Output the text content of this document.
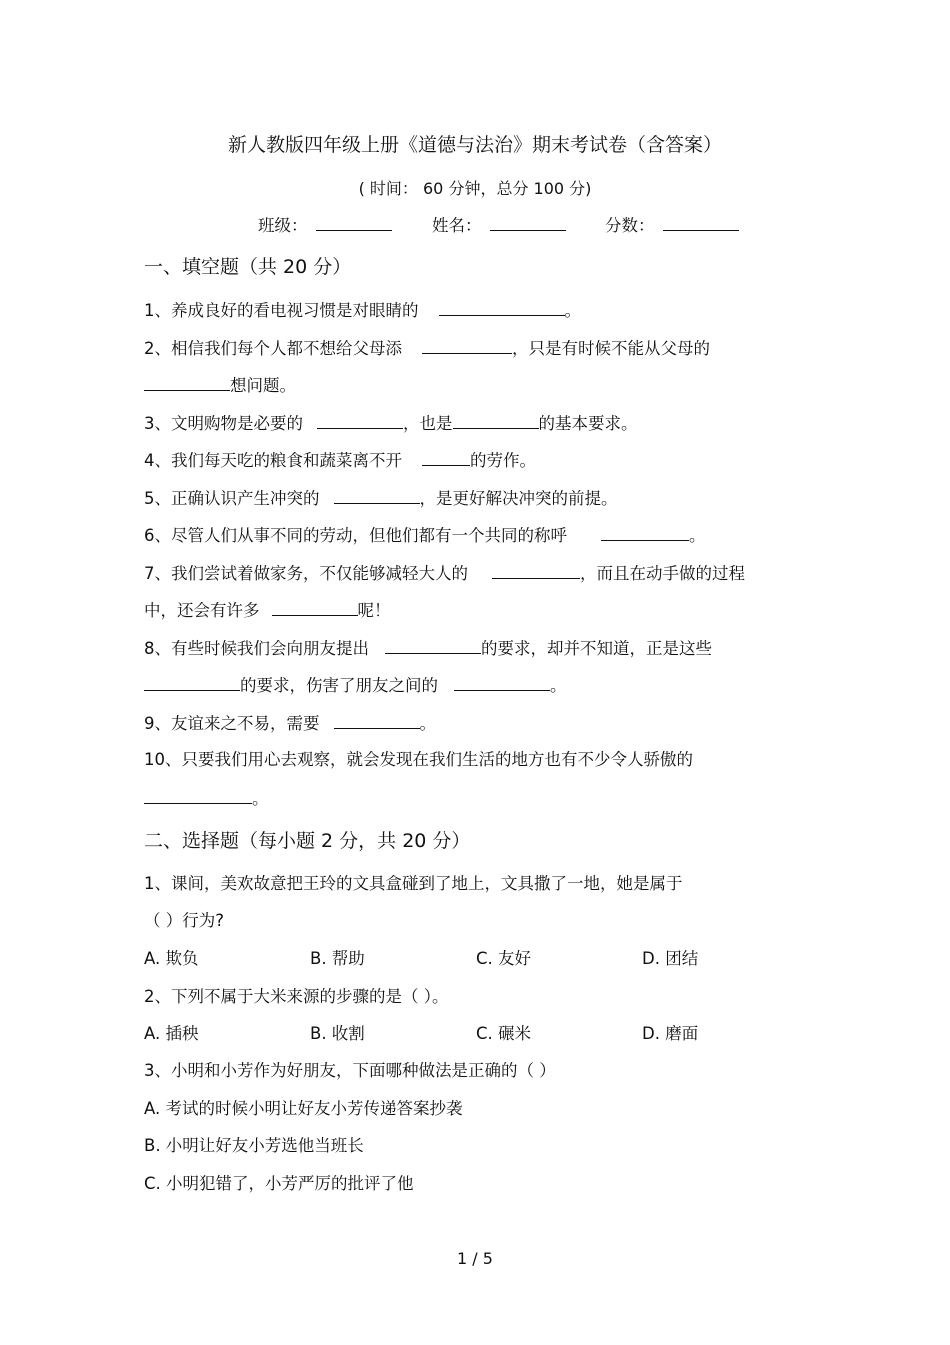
新人教版四年级上册《道德与法治》期末考试卷（含答案）
( 时间： 60 分钟，总分 100 分)
班级：	姓名：	分数：
一、填空题（共 20 分）
1、养成良好的看电视习惯是对眼睛的	。
2、相信我们每个人都不想给父母添	，只是有时候不能从父母的
想问题。
3、文明购物是必要的	，也是	的基本要求。
4、我们每天吃的粮食和蔬菜离不开	的劳作。
5、正确认识产生冲突的	，是更好解决冲突的前提。
6、尽管人们从事不同的劳动，但他们都有一个共同的称呼	。
7、我们尝试着做家务，不仅能够减轻大人的	，而且在动手做的过程
中，还会有许多	呢！
8、有些时候我们会向朋友提出	的要求，却并不知道，正是这些
的要求，伤害了朋友之间的	。
9、友谊来之不易，需要	。
10、只要我们用心去观察，就会发现在我们生活的地方也有不少令人骄傲的
。
二、选择题（每小题 2 分，共 20 分）
1、课间，美欢故意把王玲的文具盒碰到了地上，文具撒了一地，她是属于
（ ）行为?
A. 欺负	B. 帮助	C. 友好	D. 团结
2、下列不属于大米来源的步骤的是（ ）。
A. 插秧	B. 收割	C. 碾米	D. 磨面
3、小明和小芳作为好朋友，下面哪种做法是正确的（ ）
A. 考试的时候小明让好友小芳传递答案抄袭
B. 小明让好友小芳选他当班长
C. 小明犯错了，小芳严厉的批评了他
1 / 5
